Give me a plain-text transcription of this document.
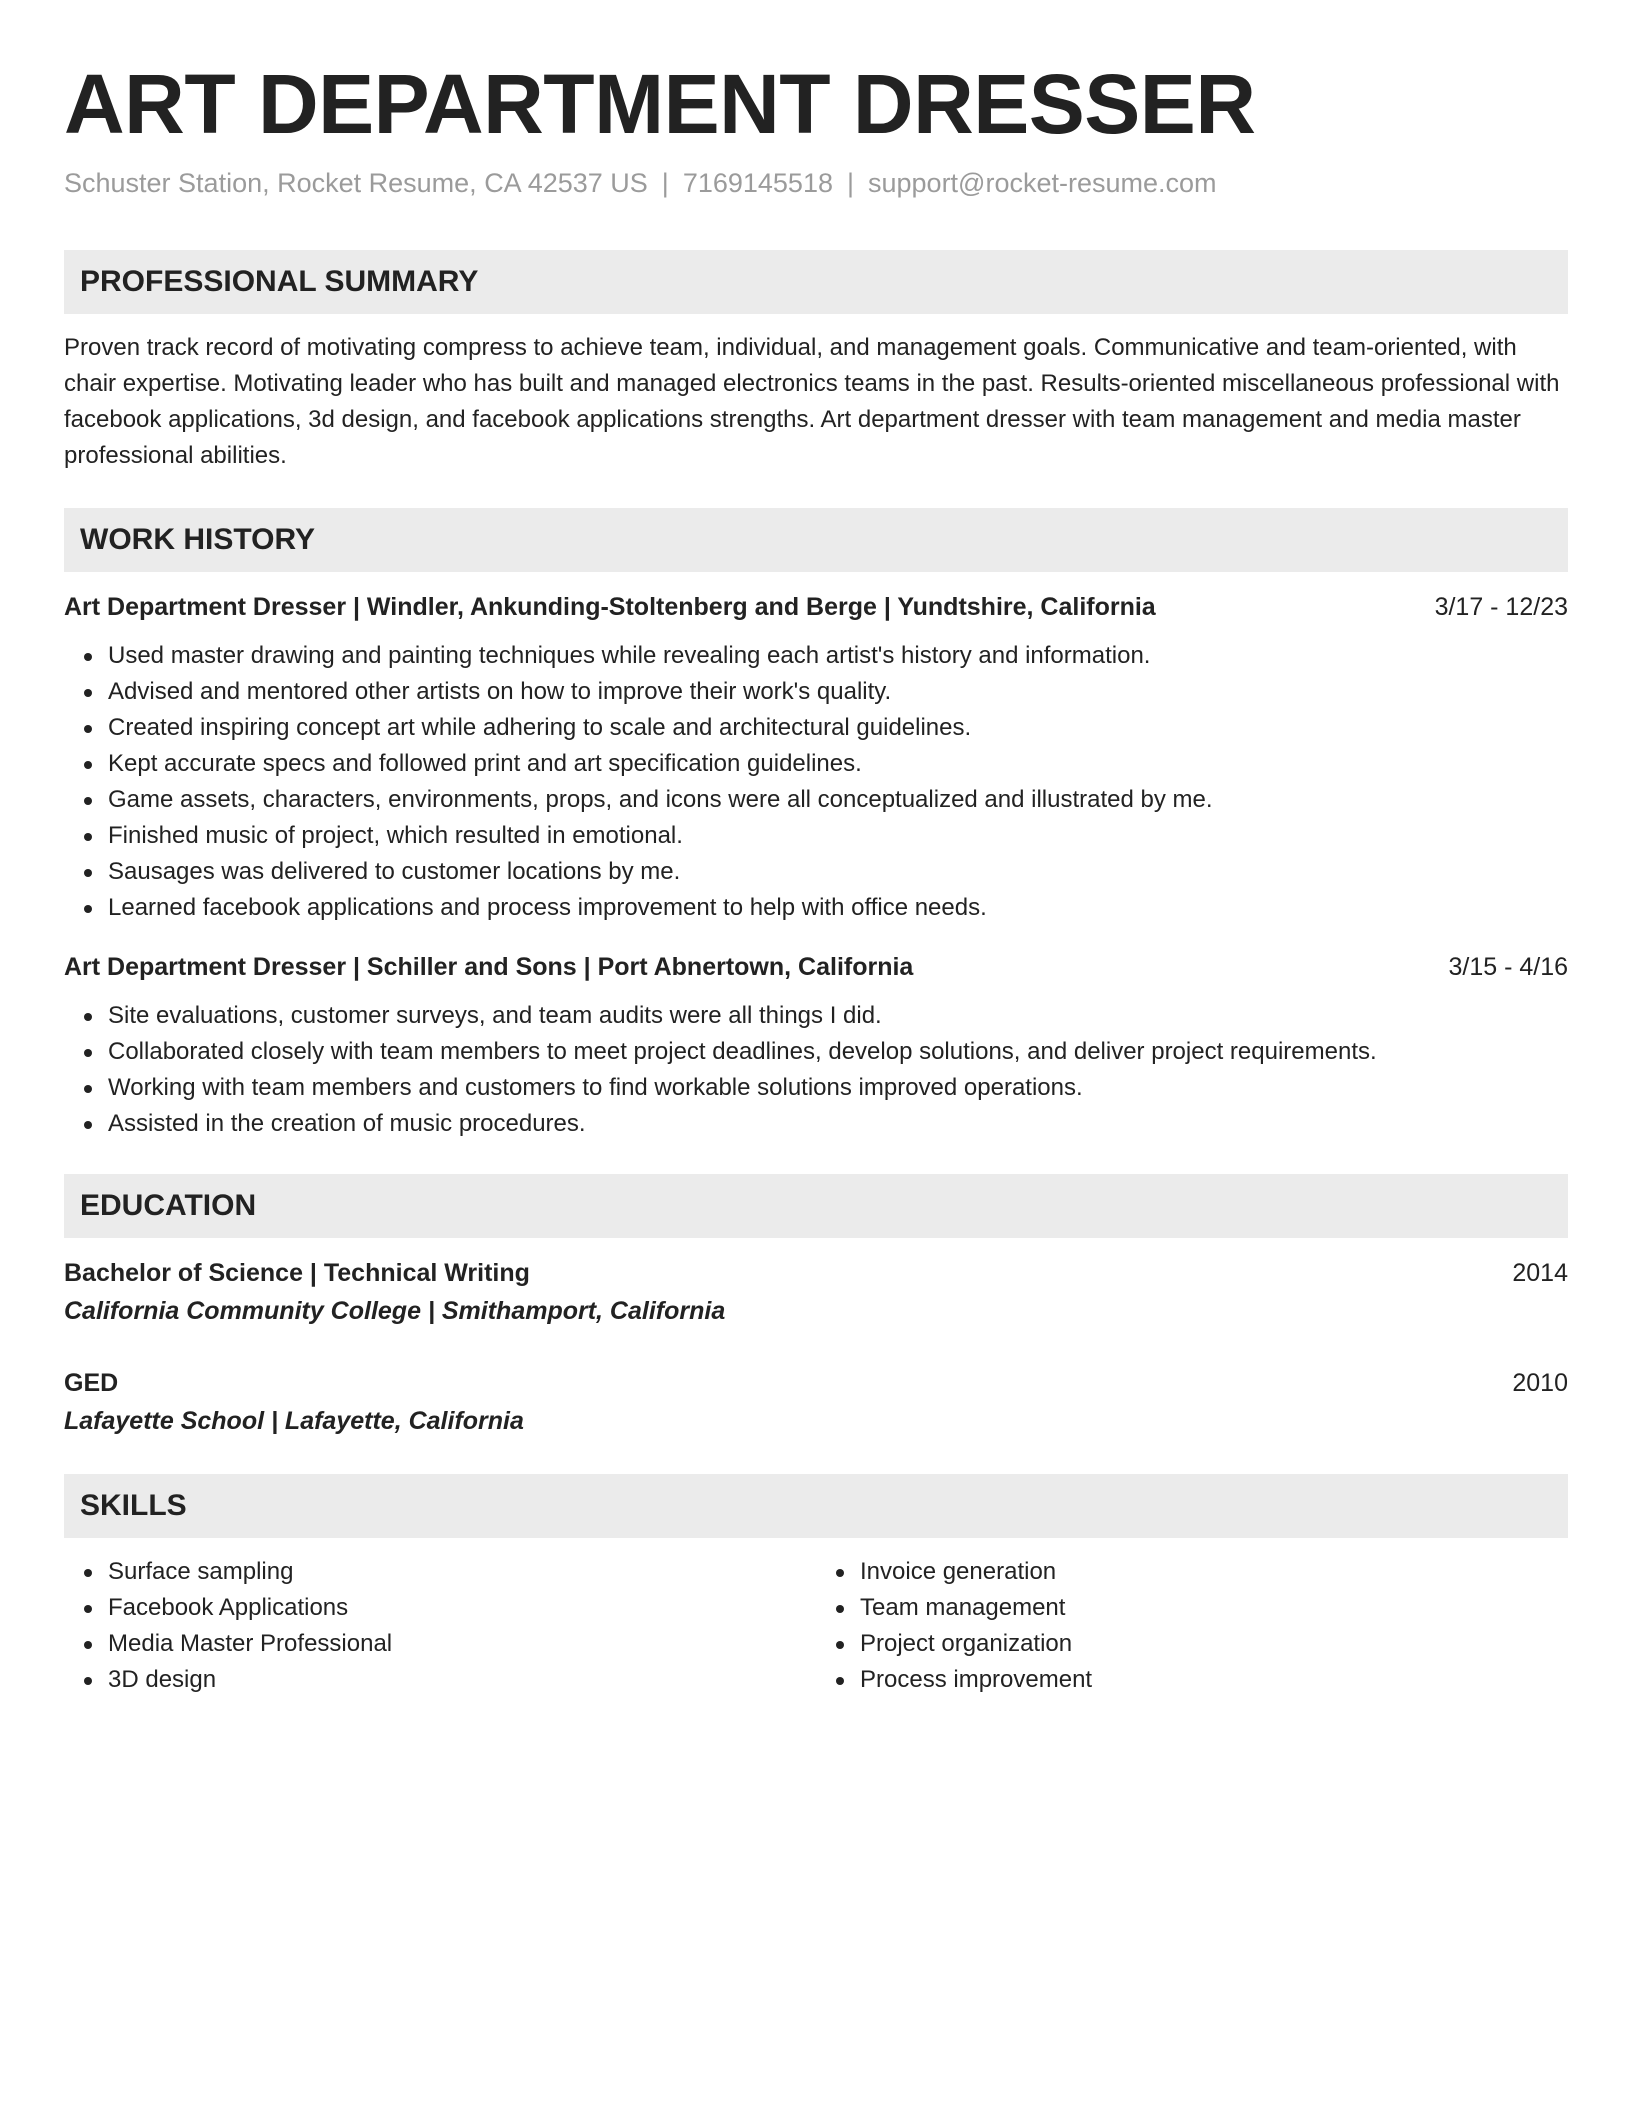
ART DEPARTMENT DRESSER
Schuster Station, Rocket Resume, CA 42537 US | 7169145518 | support@rocket-resume.com
PROFESSIONAL SUMMARY
Proven track record of motivating compress to achieve team, individual, and management goals. Communicative and team-oriented, with chair expertise. Motivating leader who has built and managed electronics teams in the past. Results-oriented miscellaneous professional with facebook applications, 3d design, and facebook applications strengths. Art department dresser with team management and media master professional abilities.
WORK HISTORY
Art Department Dresser | Windler, Ankunding-Stoltenberg and Berge | Yundtshire, California	3/17 - 12/23
Used master drawing and painting techniques while revealing each artist's history and information.
Advised and mentored other artists on how to improve their work's quality.
Created inspiring concept art while adhering to scale and architectural guidelines.
Kept accurate specs and followed print and art specification guidelines.
Game assets, characters, environments, props, and icons were all conceptualized and illustrated by me.
Finished music of project, which resulted in emotional.
Sausages was delivered to customer locations by me.
Learned facebook applications and process improvement to help with office needs.
Art Department Dresser | Schiller and Sons | Port Abnertown, California	3/15 - 4/16
Site evaluations, customer surveys, and team audits were all things I did.
Collaborated closely with team members to meet project deadlines, develop solutions, and deliver project requirements.
Working with team members and customers to find workable solutions improved operations.
Assisted in the creation of music procedures.
EDUCATION
Bachelor of Science | Technical Writing	2014
California Community College | Smithamport, California
GED	2010
Lafayette School | Lafayette, California
SKILLS
Surface sampling
Facebook Applications
Media Master Professional
3D design
Invoice generation
Team management
Project organization
Process improvement
